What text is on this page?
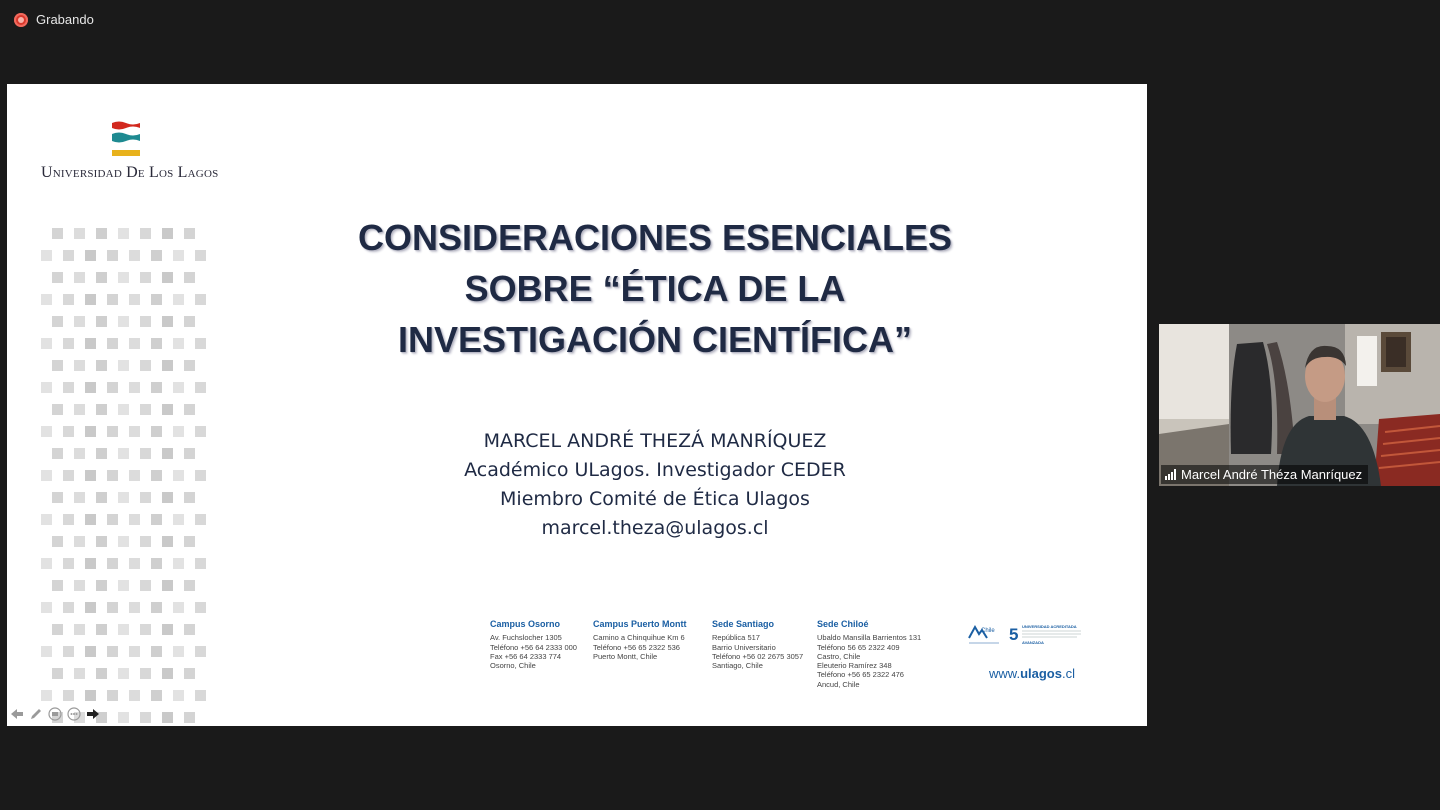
Grabando
Universidad De Los Lagos
CONSIDERACIONES ESENCIALES
SOBRE “ÉTICA DE LA
INVESTIGACIÓN CIENTÍFICA”
MARCEL ANDRÉ THEZÁ MANRÍQUEZ
Académico ULagos. Investigador CEDER
Miembro Comité de Ética Ulagos
marcel.theza@ulagos.cl
Campus Osorno
Av. Fuchslocher 1305
Teléfono +56 64 2333 000
Fax +56 64 2333 774
Osorno, Chile
Campus Puerto Montt
Camino a Chinquihue Km 6
Teléfono +56 65 2322 536
Puerto Montt, Chile
Sede Santiago
República 517
Barrio Universitario
Teléfono +56 02 2675 3057
Santiago, Chile
Sede Chiloé
Ubaldo Mansilla Barrientos 131
Teléfono 56 65 2322 409
Castro, Chile
Eleuterio Ramírez 348
Teléfono +56 65 2322 476
Ancud, Chile
Chile 5 UNIVERSIDAD ACREDITADA
AVANZADA
www.ulagos.cl
Marcel André Théza Manríquez
